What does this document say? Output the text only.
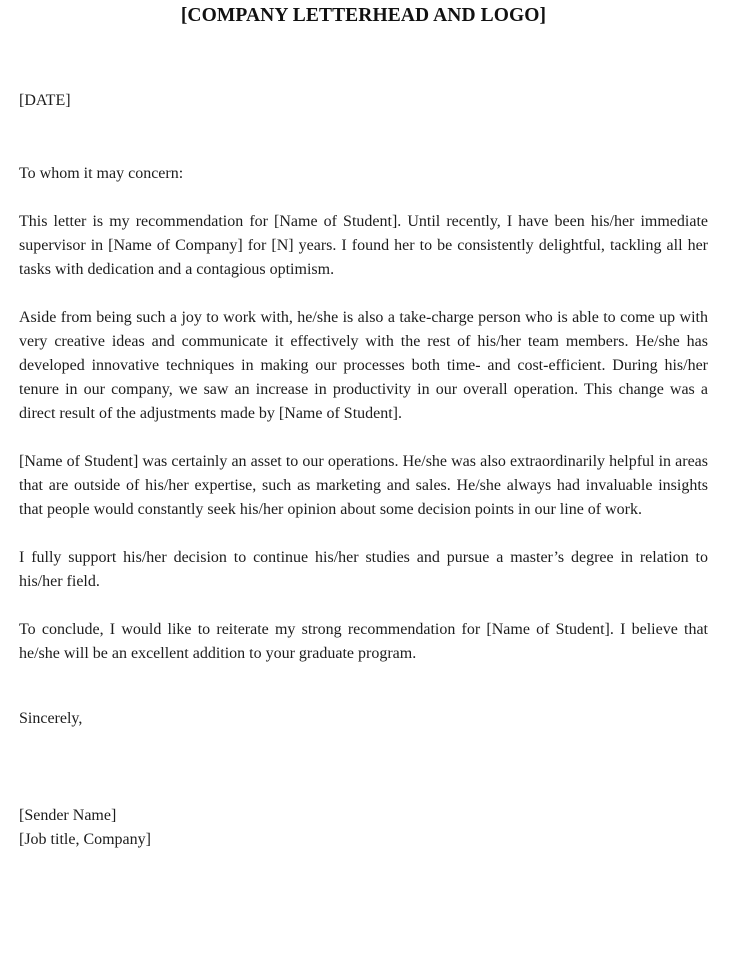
[COMPANY LETTERHEAD AND LOGO]
[DATE]
To whom it may concern:

This letter is my recommendation for [Name of Student]. Until recently, I have been his/her immediate supervisor in [Name of Company] for [N] years. I found her to be consistently delightful, tackling all her tasks with dedication and a contagious optimism.

Aside from being such a joy to work with, he/she is also a take-charge person who is able to come up with very creative ideas and communicate it effectively with the rest of his/her team members. He/she has developed innovative techniques in making our processes both time- and cost-efficient. During his/her tenure in our company, we saw an increase in productivity in our overall operation. This change was a direct result of the adjustments made by [Name of Student].

[Name of Student] was certainly an asset to our operations. He/she was also extraordinarily helpful in areas that are outside of his/her expertise, such as marketing and sales. He/she always had invaluable insights that people would constantly seek his/her opinion about some decision points in our line of work.

I fully support his/her decision to continue his/her studies and pursue a master’s degree in relation to his/her field.

To conclude, I would like to reiterate my strong recommendation for [Name of Student]. I believe that he/she will be an excellent addition to your graduate program.

Sincerely,
[Sender Name]
[Job title, Company]
